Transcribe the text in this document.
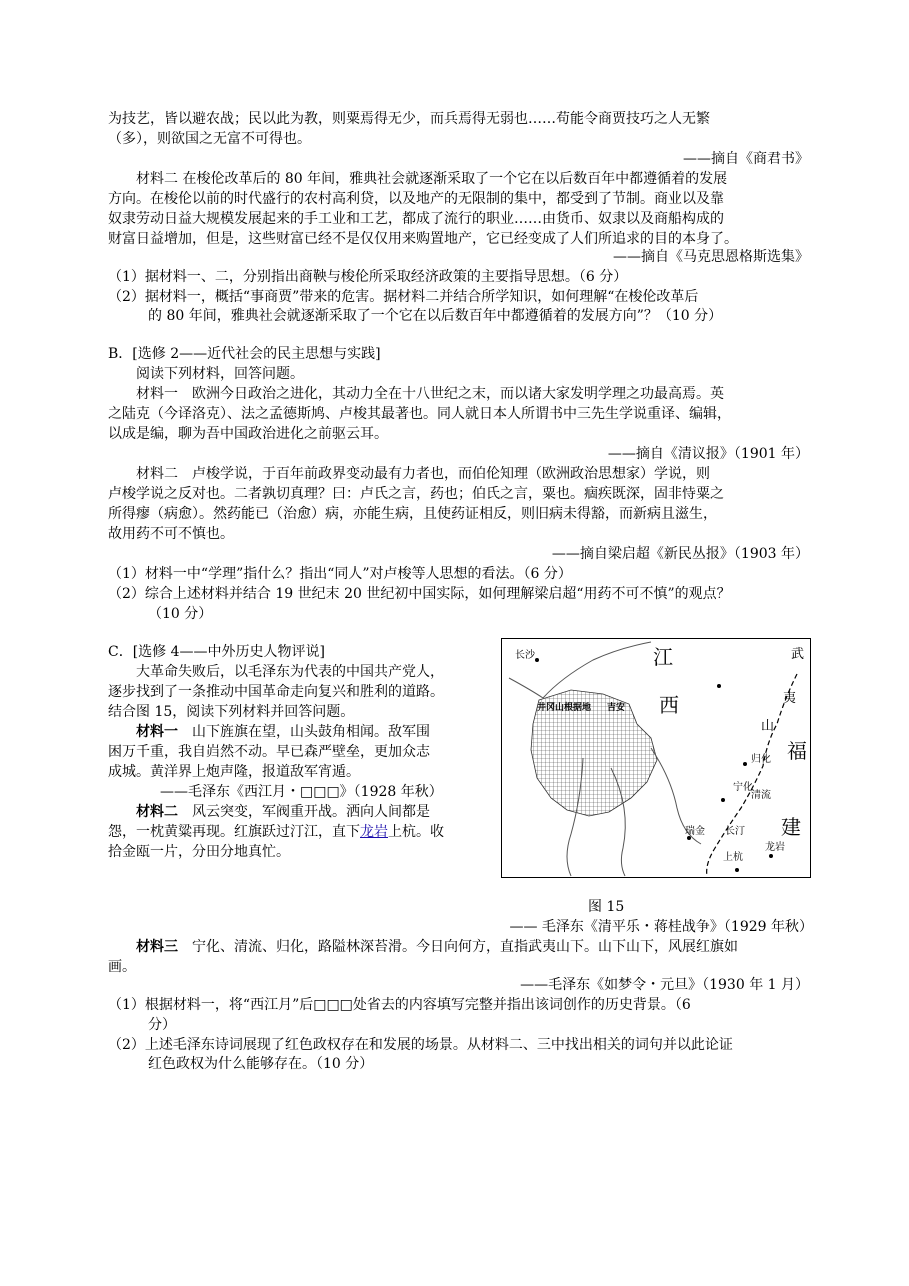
为技艺，皆以避农战；民以此为教，则粟焉得无少，而兵焉得无弱也……苟能令商贾技巧之人无繁
（多），则欲国之无富不可得也。
——摘自《商君书》
材料二 在梭伦改革后的 80 年间，雅典社会就逐渐采取了一个它在以后数百年中都遵循着的发展
方向。在梭伦以前的时代盛行的农村高利贷，以及地产的无限制的集中，都受到了节制。商业以及靠
奴隶劳动日益大规模发展起来的手工业和工艺，都成了流行的职业……由货币、奴隶以及商船构成的
财富日益增加，但是，这些财富已经不是仅仅用来购置地产，它已经变成了人们所追求的目的本身了。
——摘自《马克思恩格斯选集》
（1）据材料一、二，分别指出商鞅与梭伦所采取经济政策的主要指导思想。（6 分）
（2）据材料一，概括“事商贾”带来的危害。据材料二并结合所学知识，如何理解“在梭伦改革后
的 80 年间，雅典社会就逐渐采取了一个它在以后数百年中都遵循着的发展方向”？（10 分）
B．[选修 2——近代社会的民主思想与实践]
阅读下列材料，回答问题。
材料一　欧洲今日政治之进化，其动力全在十八世纪之末，而以诸大家发明学理之功最高焉。英
之陆克（今译洛克）、法之孟德斯鸠、卢梭其最著也。同人就日本人所谓书中三先生学说重译、编辑，
以成是编，聊为吾中国政治进化之前驱云耳。
——摘自《清议报》（1901 年）
材料二　卢梭学说，于百年前政界变动最有力者也，而伯伦知理（欧洲政治思想家）学说，则
卢梭学说之反对也。二者孰切真理？曰：卢氏之言，药也；伯氏之言，粟也。痼疾既深，固非恃粟之
所得瘳（病愈）。然药能已（治愈）病，亦能生病，且使药证相反，则旧病未得豁，而新病且滋生，
故用药不可不慎也。
——摘自梁启超《新民丛报》（1903 年）
（1）材料一中“学理”指什么？指出“同人”对卢梭等人思想的看法。（6 分）
（2）综合上述材料并结合 19 世纪末 20 世纪初中国实际，如何理解梁启超“用药不可不慎”的观点？
（10 分）
C．[选修 4——中外历史人物评说]
大革命失败后，以毛泽东为代表的中国共产党人，
逐步找到了一条推动中国革命走向复兴和胜利的道路。
结合图 15，阅读下列材料并回答问题。
材料一　 山下旌旗在望，山头鼓角相闻。敌军围
困万千重，我自岿然不动。早已森严壁垒，更加众志
成城。黄洋界上炮声隆，报道敌军宵遁。
——毛泽东《西江月・□□□》（1928 年秋）
材料二　 风云突变，军阀重开战。洒向人间都是
怨，一枕黄粱再现。红旗跃过汀江，直下龙岩上杭。收
拾金瓯一片，分田分地真忙。
长沙	江	武
西	夷
山
福
井冈山根据地 吉安
归化
宁化
清流
瑞金 长汀 建
上杭
龙岩
图 15
—— 毛泽东《清平乐・蒋桂战争》（1929 年秋）
材料三　 宁化、清流、归化，路隘林深苔滑。今日向何方，直指武夷山下。山下山下，风展红旗如
画。
——毛泽东《如梦令・元旦》（1930 年 1 月）
（1）根据材料一，将“西江月”后□□□处省去的内容填写完整并指出该词创作的历史背景。（6
分）
（2）上述毛泽东诗词展现了红色政权存在和发展的场景。从材料二、三中找出相关的词句并以此论证
红色政权为什么能够存在。（10 分）
